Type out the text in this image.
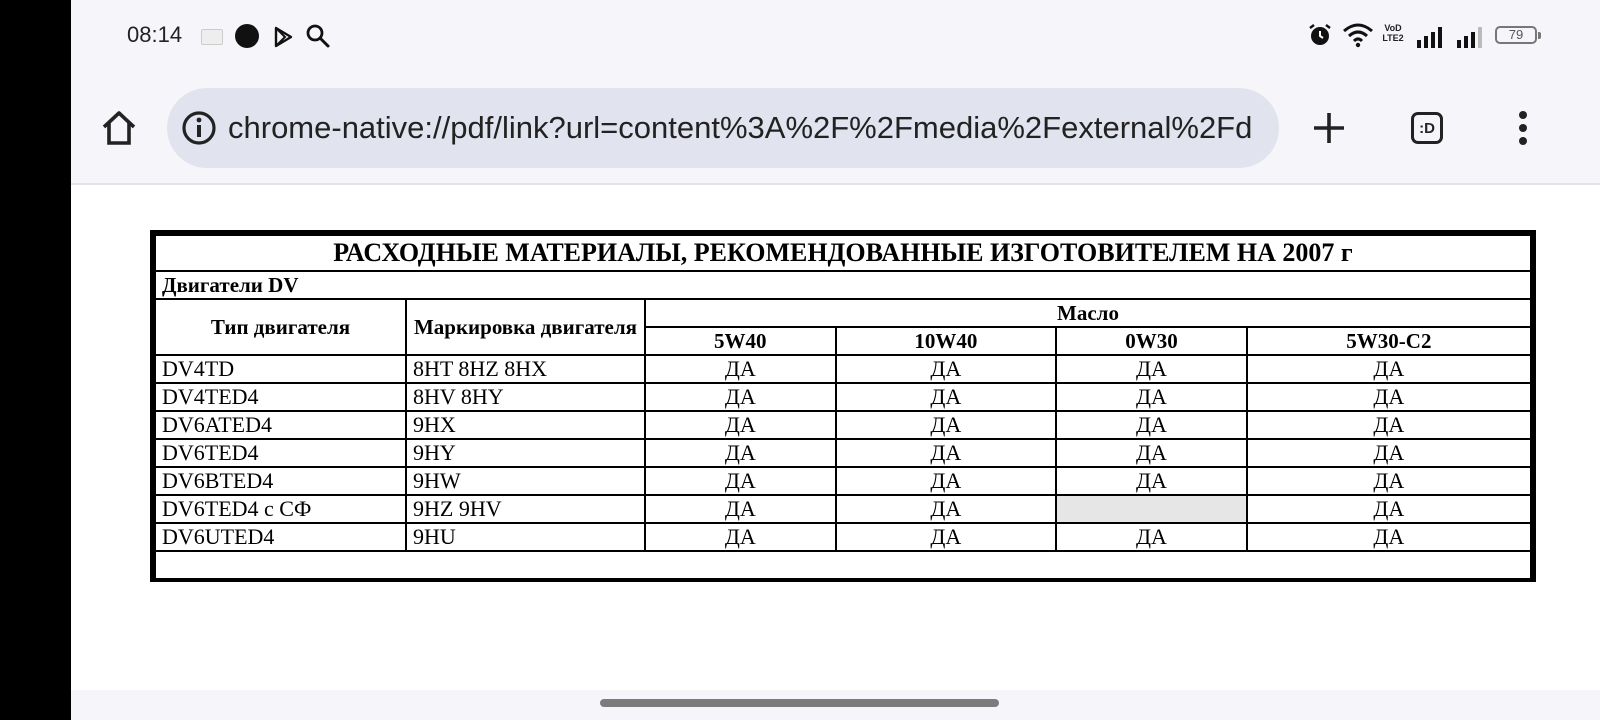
08:14	VoD LTE2	79
chrome-native://pdf/link?url=content%3A%2F%2Fmedia%2Fexternal%2Fd	:D
РАСХОДНЫЕ МАТЕРИАЛЫ, РЕКОМЕНДОВАННЫЕ ИЗГОТОВИТЕЛЕМ НА 2007 г					
Двигатели DV					
Тип двигателя	Маркировка двигателя	Масло			
		5W40	10W40	0W30	5W30-C2
DV4TD	8HT 8HZ 8HX	ДА	ДА	ДА	ДА
DV4TED4	8HV 8HY	ДА	ДА	ДА	ДА
DV6ATED4	9HX	ДА	ДА	ДА	ДА
DV6TED4	9HY	ДА	ДА	ДА	ДА
DV6BTED4	9HW	ДА	ДА	ДА	ДА
DV6TED4 с СФ	9HZ 9HV	ДА	ДА		ДА
DV6UTED4	9HU	ДА	ДА	ДА	ДА
